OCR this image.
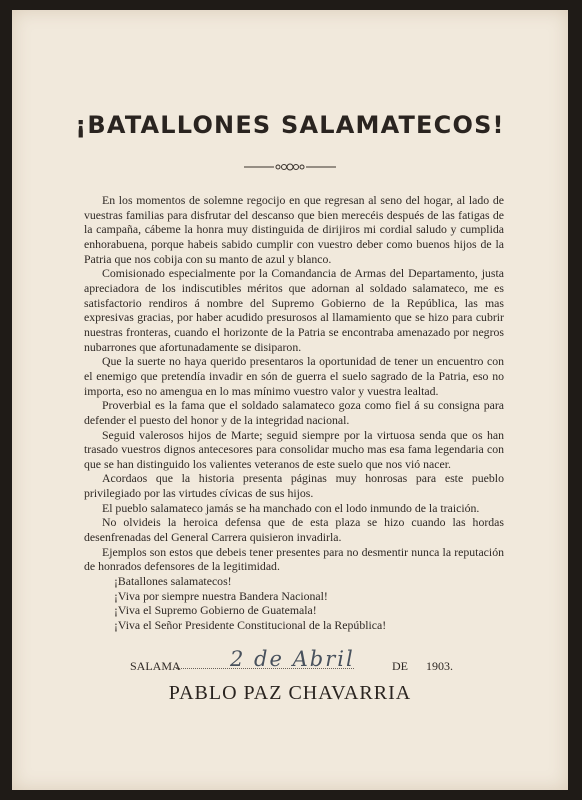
¡BATALLONES SALAMATECOS!

En los momentos de solemne regocijo en que regresan al seno del hogar, al lado de vuestras familias para disfrutar del descanso que bien merecéis después de las fatigas de la campaña, cábeme la honra muy distinguida de dirijiros mi cordial saludo y cumplida enhorabuena, porque habeis sabido cumplir con vuestro deber como buenos hijos de la Patria que nos cobija con su manto de azul y blanco.

Comisionado especialmente por la Comandancia de Armas del Departamento, justa apreciadora de los indiscutibles méritos que adornan al soldado salamateco, me es satisfactorio rendiros á nombre del Supremo Gobierno de la República, las mas expresivas gracias, por haber acudido presurosos al llamamiento que se hizo para cubrir nuestras fronteras, cuando el horizonte de la Patria se encontraba amenazado por negros nubarrones que afortunadamente se disiparon.

Que la suerte no haya querido presentaros la oportunidad de tener un encuentro con el enemigo que pretendía invadir en són de guerra el suelo sagrado de la Patria, eso no importa, eso no amengua en lo mas mínimo vuestro valor y vuestra lealtad.

Proverbial es la fama que el soldado salamateco goza como fiel á su consigna para defender el puesto del honor y de la integridad nacional.

Seguid valerosos hijos de Marte; seguid siempre por la virtuosa senda que os han trasado vuestros dignos antecesores para consolidar mucho mas esa fama legendaria con que se han distinguido los valientes veteranos de este suelo que nos vió nacer.

Acordaos que la historia presenta páginas muy honrosas para este pueblo privilegiado por las virtudes cívicas de sus hijos.

El pueblo salamateco jamás se ha manchado con el lodo inmundo de la traición.

No olvideis la heroica defensa que de esta plaza se hizo cuando las hordas desenfrenadas del General Carrera quisieron invadirla.

Ejemplos son estos que debeis tener presentes para no desmentir nunca la reputación de honrados defensores de la legitimidad.

¡Batallones salamatecos!

¡Viva por siempre nuestra Bandera Nacional!

¡Viva el Supremo Gobierno de Guatemala!

¡Viva el Señor Presidente Constitucional de la República!

SALAMA 2 de Abril	DE 1903.
PABLO PAZ CHAVARRIA
